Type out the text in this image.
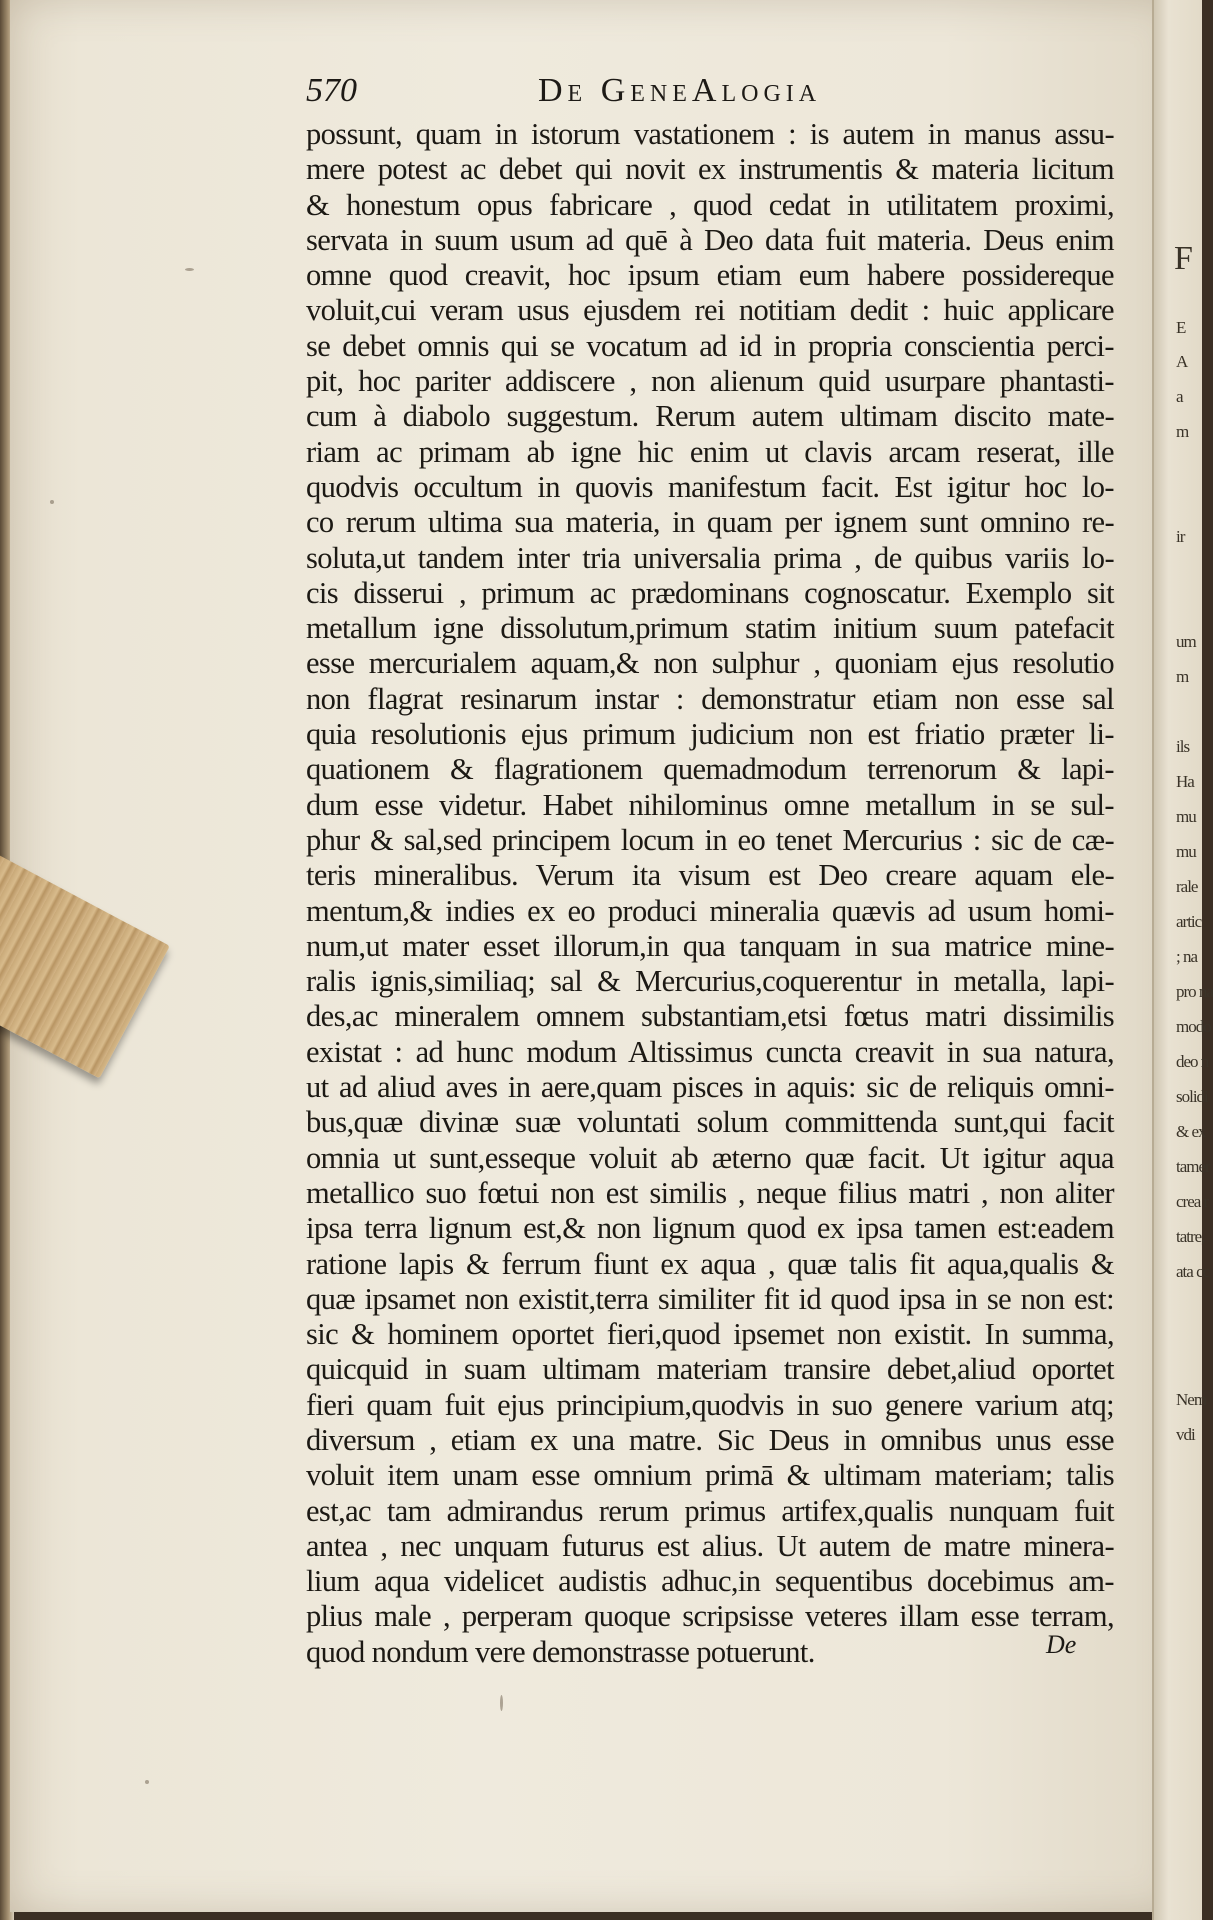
F
E
A
a
m
ir
um
m
ils
Ha
mu
mu
rale
artic
; na
pro na
modo
deo n
solidi
& ex
tamer
crea r
tatre,
ata cc
Nem
vdi
570	De GeneAlogia
possunt, quam in istorum vastationem : is autem in manus assu-
mere potest ac debet qui novit ex instrumentis & materia licitum
& honestum opus fabricare , quod cedat in utilitatem proximi,
servata in suum usum ad quē à Deo data fuit materia. Deus enim
omne quod creavit, hoc ipsum etiam eum habere possidereque
voluit,cui veram usus ejusdem rei notitiam dedit : huic applicare
se debet omnis qui se vocatum ad id in propria conscientia perci-
pit, hoc pariter addiscere , non alienum quid usurpare phantasti-
cum à diabolo suggestum. Rerum autem ultimam discito mate-
riam ac primam ab igne hic enim ut clavis arcam reserat, ille
quodvis occultum in quovis manifestum facit. Est igitur hoc lo-
co rerum ultima sua materia, in quam per ignem sunt omnino re-
soluta,ut tandem inter tria universalia prima , de quibus variis lo-
cis disserui , primum ac prædominans cognoscatur. Exemplo sit
metallum igne dissolutum,primum statim initium suum patefacit
esse mercurialem aquam,& non sulphur , quoniam ejus resolutio
non flagrat resinarum instar : demonstratur etiam non esse sal
quia resolutionis ejus primum judicium non est friatio præter li-
quationem & flagrationem quemadmodum terrenorum & lapi-
dum esse videtur. Habet nihilominus omne metallum in se sul-
phur & sal,sed principem locum in eo tenet Mercurius : sic de cæ-
teris mineralibus. Verum ita visum est Deo creare aquam ele-
mentum,& indies ex eo produci mineralia quævis ad usum homi-
num,ut mater esset illorum,in qua tanquam in sua matrice mine-
ralis ignis,similiaq; sal & Mercurius,coquerentur in metalla, lapi-
des,ac mineralem omnem substantiam,etsi fœtus matri dissimilis
existat : ad hunc modum Altissimus cuncta creavit in sua natura,
ut ad aliud aves in aere,quam pisces in aquis: sic de reliquis omni-
bus,quæ divinæ suæ voluntati solum committenda sunt,qui facit
omnia ut sunt,esseque voluit ab æterno quæ facit. Ut igitur aqua
metallico suo fœtui non est similis , neque filius matri , non aliter
ipsa terra lignum est,& non lignum quod ex ipsa tamen est:eadem
ratione lapis & ferrum fiunt ex aqua , quæ talis fit aqua,qualis &
quæ ipsamet non existit,terra similiter fit id quod ipsa in se non est:
sic & hominem oportet fieri,quod ipsemet non existit. In summa,
quicquid in suam ultimam materiam transire debet,aliud oportet
fieri quam fuit ejus principium,quodvis in suo genere varium atq;
diversum , etiam ex una matre. Sic Deus in omnibus unus esse
voluit item unam esse omnium primā & ultimam materiam; talis
est,ac tam admirandus rerum primus artifex,qualis nunquam fuit
antea , nec unquam futurus est alius. Ut autem de matre minera-
lium aqua videlicet audistis adhuc,in sequentibus docebimus am-
plius male , perperam quoque scripsisse veteres illam esse terram,
quod nondum vere demonstrasse potuerunt.	De
